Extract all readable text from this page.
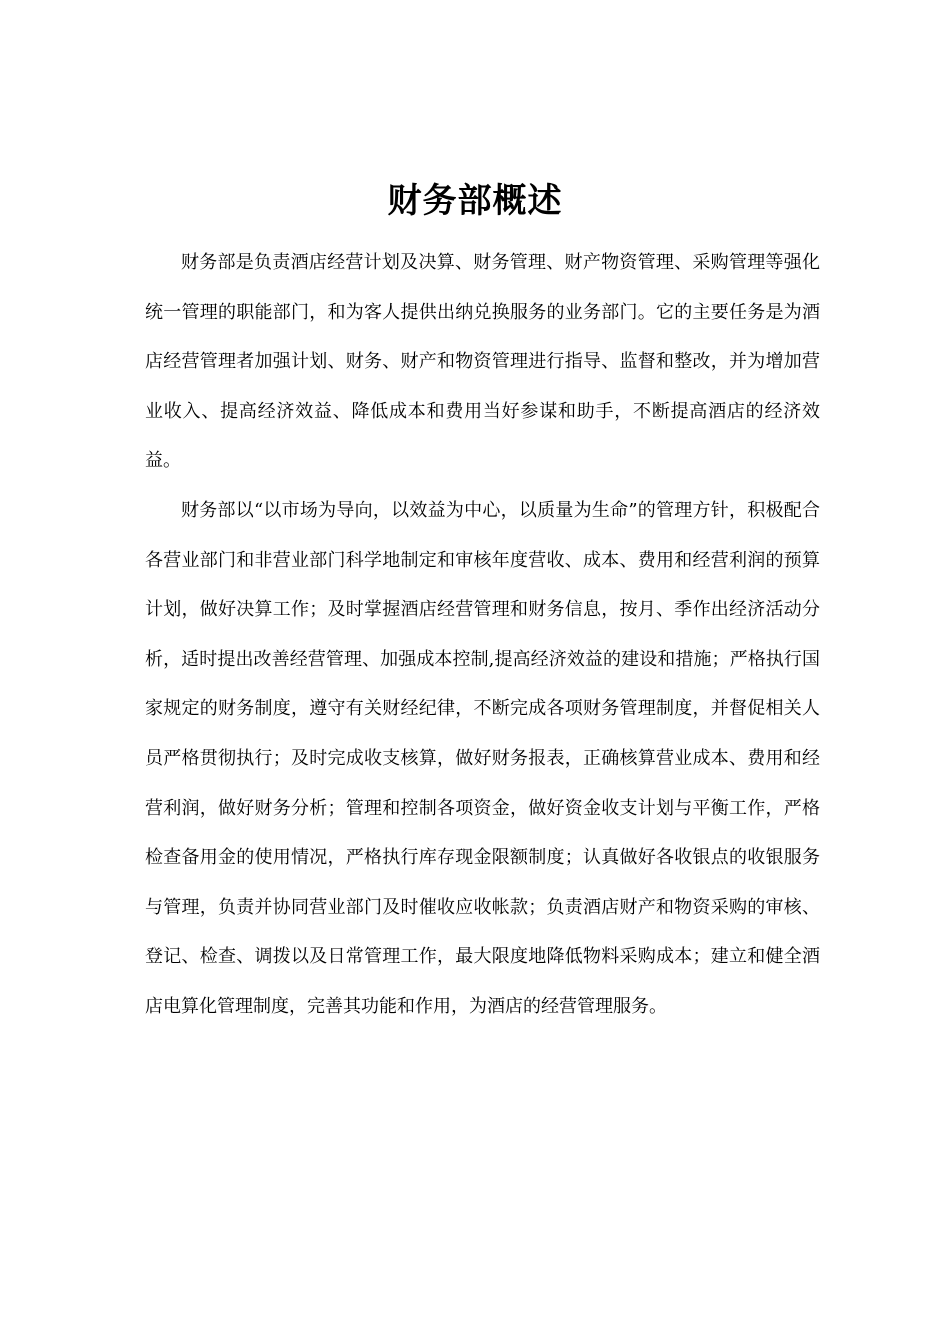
财务部概述

财务部是负责酒店经营计划及决算、财务管理、财产物资管理、采购管理等强化统一管理的职能部门，和为客人提供出纳兑换服务的业务部门。它的主要任务是为酒店经营管理者加强计划、财务、财产和物资管理进行指导、监督和整改，并为增加营业收入、提高经济效益、降低成本和费用当好参谋和助手，不断提高酒店的经济效益。

财务部以“以市场为导向，以效益为中心，以质量为生命”的管理方针，积极配合各营业部门和非营业部门科学地制定和审核年度营收、成本、费用和经营利润的预算计划，做好决算工作；及时掌握酒店经营管理和财务信息，按月、季作出经济活动分析，适时提出改善经营管理、加强成本控制,提高经济效益的建设和措施；严格执行国家规定的财务制度，遵守有关财经纪律，不断完成各项财务管理制度，并督促相关人员严格贯彻执行；及时完成收支核算，做好财务报表，正确核算营业成本、费用和经营利润，做好财务分析；管理和控制各项资金，做好资金收支计划与平衡工作，严格检查备用金的使用情况，严格执行库存现金限额制度；认真做好各收银点的收银服务与管理，负责并协同营业部门及时催收应收帐款；负责酒店财产和物资采购的审核、登记、检查、调拨以及日常管理工作，最大限度地降低物料采购成本；建立和健全酒店电算化管理制度，完善其功能和作用，为酒店的经营管理服务。
